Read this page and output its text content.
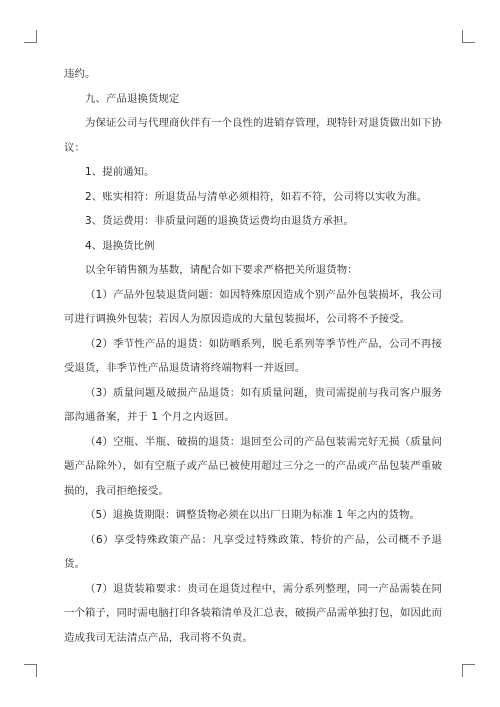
违约。

九、产品退换货规定

为保证公司与代理商伙伴有一个良性的进销存管理，现特针对退货做出如下协议：

1、提前通知。

2、账实相符：所退货品与清单必须相符，如若不符，公司将以实收为准。

3、货运费用：非质量问题的退换货运费均由退货方承担。

4、退换货比例

以全年销售额为基数，请配合如下要求严格把关所退货物：

（1）产品外包装退货问题：如因特殊原因造成个别产品外包装损坏，我公司可进行调换外包装；若因人为原因造成的大量包装损坏，公司将不予接受。

（2）季节性产品的退货：如防晒系列，脱毛系列等季节性产品，公司不再接受退货，非季节性产品退货请将终端物料一并返回。

（3）质量问题及破损产品退货：如有质量问题，贵司需提前与我司客户服务部沟通备案，并于 1 个月之内返回。

（4）空瓶、半瓶、破损的退货：退回至公司的产品包装需完好无损（质量问题产品除外），如有空瓶子或产品已被使用超过三分之一的产品或产品包装严重破损的，我司拒绝接受。

（5）退换货期限：调整货物必须在以出厂日期为标准 1 年之内的货物。

（6）享受特殊政策产品：凡享受过特殊政策、特价的产品，公司概不予退货。

（7）退货装箱要求：贵司在退货过程中，需分系列整理，同一产品需装在同一个箱子，同时需电脑打印各装箱清单及汇总表，破损产品需单独打包，如因此而造成我司无法清点产品，我司将不负责。
